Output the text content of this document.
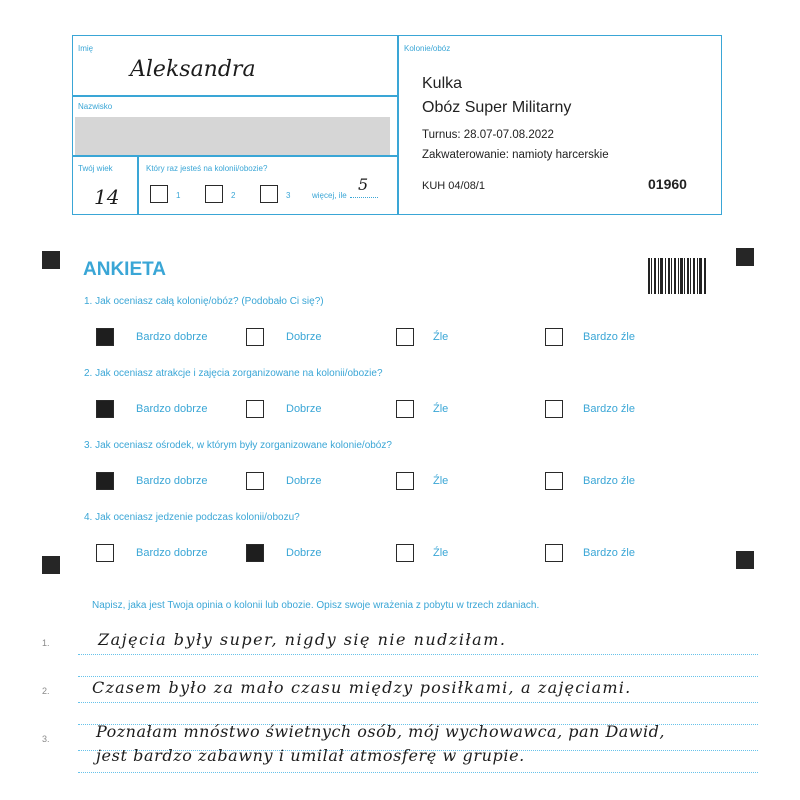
Imię
Aleksandra
Nazwisko
Twój wiek
14
Który raz jesteś na kolonii/obozie?
1	2	3	więcej, ile
5
Kolonie/obóz
Kulka
Obóz Super Militarny
Turnus: 28.07-07.08.2022
Zakwaterowanie: namioty harcerskie
KUH 04/08/1	01960
ANKIETA
1. Jak oceniasz całą kolonię/obóz? (Podobało Ci się?)
Bardzo dobrze	Dobrze	Źle	Bardzo źle
2. Jak oceniasz atrakcje i zajęcia zorganizowane na kolonii/obozie?
Bardzo dobrze	Dobrze	Źle	Bardzo źle
3. Jak oceniasz ośrodek, w którym były zorganizowane kolonie/obóz?
Bardzo dobrze	Dobrze	Źle	Bardzo źle
4. Jak oceniasz jedzenie podczas kolonii/obozu?
Bardzo dobrze	Dobrze	Źle	Bardzo źle
Napisz, jaka jest Twoja opinia o kolonii lub obozie. Opisz swoje wrażenia z pobytu w trzech zdaniach.
1.
2.
3.
Zajęcia były super, nigdy się nie nudziłam.
Czasem było za mało czasu między posiłkami, a zajęciami.
Poznałam mnóstwo świetnych osób, mój wychowawca, pan Dawid,
jest bardzo zabawny i umilał atmosferę w grupie.
